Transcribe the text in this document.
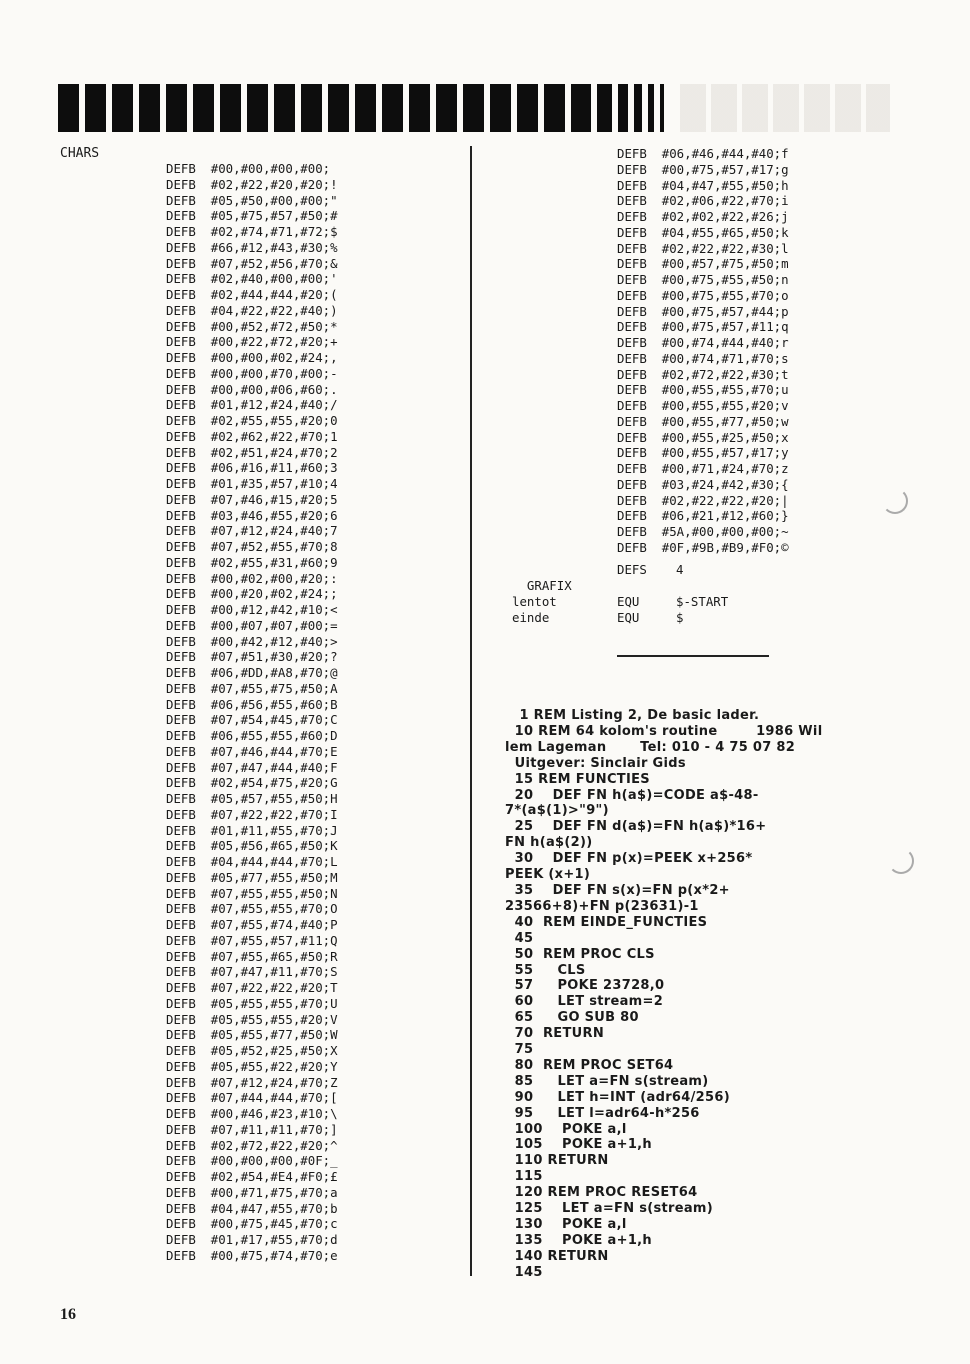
CHARS
DEFB  #00,#00,#00,#00;
DEFB  #02,#22,#20,#20;!
DEFB  #05,#50,#00,#00;"
DEFB  #05,#75,#57,#50;#
DEFB  #02,#74,#71,#72;$
DEFB  #66,#12,#43,#30;%
DEFB  #07,#52,#56,#70;&
DEFB  #02,#40,#00,#00;'
DEFB  #02,#44,#44,#20;(
DEFB  #04,#22,#22,#40;)
DEFB  #00,#52,#72,#50;*
DEFB  #00,#22,#72,#20;+
DEFB  #00,#00,#02,#24;,
DEFB  #00,#00,#70,#00;-
DEFB  #00,#00,#06,#60;.
DEFB  #01,#12,#24,#40;/
DEFB  #02,#55,#55,#20;0
DEFB  #02,#62,#22,#70;1
DEFB  #02,#51,#24,#70;2
DEFB  #06,#16,#11,#60;3
DEFB  #01,#35,#57,#10;4
DEFB  #07,#46,#15,#20;5
DEFB  #03,#46,#55,#20;6
DEFB  #07,#12,#24,#40;7
DEFB  #07,#52,#55,#70;8
DEFB  #02,#55,#31,#60;9
DEFB  #00,#02,#00,#20;:
DEFB  #00,#20,#02,#24;;
DEFB  #00,#12,#42,#10;<
DEFB  #00,#07,#07,#00;=
DEFB  #00,#42,#12,#40;>
DEFB  #07,#51,#30,#20;?
DEFB  #06,#DD,#A8,#70;@
DEFB  #07,#55,#75,#50;A
DEFB  #06,#56,#55,#60;B
DEFB  #07,#54,#45,#70;C
DEFB  #06,#55,#55,#60;D
DEFB  #07,#46,#44,#70;E
DEFB  #07,#47,#44,#40;F
DEFB  #02,#54,#75,#20;G
DEFB  #05,#57,#55,#50;H
DEFB  #07,#22,#22,#70;I
DEFB  #01,#11,#55,#70;J
DEFB  #05,#56,#65,#50;K
DEFB  #04,#44,#44,#70;L
DEFB  #05,#77,#55,#50;M
DEFB  #07,#55,#55,#50;N
DEFB  #07,#55,#55,#70;O
DEFB  #07,#55,#74,#40;P
DEFB  #07,#55,#57,#11;Q
DEFB  #07,#55,#65,#50;R
DEFB  #07,#47,#11,#70;S
DEFB  #07,#22,#22,#20;T
DEFB  #05,#55,#55,#70;U
DEFB  #05,#55,#55,#20;V
DEFB  #05,#55,#77,#50;W
DEFB  #05,#52,#25,#50;X
DEFB  #05,#55,#22,#20;Y
DEFB  #07,#12,#24,#70;Z
DEFB  #07,#44,#44,#70;[
DEFB  #00,#46,#23,#10;\
DEFB  #07,#11,#11,#70;]
DEFB  #02,#72,#22,#20;^
DEFB  #00,#00,#00,#0F;_
DEFB  #02,#54,#E4,#F0;£
DEFB  #00,#71,#75,#70;a
DEFB  #04,#47,#55,#70;b
DEFB  #00,#75,#45,#70;c
DEFB  #01,#17,#55,#70;d
DEFB  #00,#75,#74,#70;e
DEFB  #06,#46,#44,#40;f
DEFB  #00,#75,#57,#17;g
DEFB  #04,#47,#55,#50;h
DEFB  #02,#06,#22,#70;i
DEFB  #02,#02,#22,#26;j
DEFB  #04,#55,#65,#50;k
DEFB  #02,#22,#22,#30;l
DEFB  #00,#57,#75,#50;m
DEFB  #00,#75,#55,#50;n
DEFB  #00,#75,#55,#70;o
DEFB  #00,#75,#57,#44;p
DEFB  #00,#75,#57,#11;q
DEFB  #00,#74,#44,#40;r
DEFB  #00,#74,#71,#70;s
DEFB  #02,#72,#22,#30;t
DEFB  #00,#55,#55,#70;u
DEFB  #00,#55,#55,#20;v
DEFB  #00,#55,#77,#50;w
DEFB  #00,#55,#25,#50;x
DEFB  #00,#55,#57,#17;y
DEFB  #00,#71,#24,#70;z
DEFB  #03,#24,#42,#30;{
DEFB  #02,#22,#22,#20;|
DEFB  #06,#21,#12,#60;}
DEFB  #5A,#00,#00,#00;~
DEFB  #0F,#9B,#B9,#F0;©

GRAFIX

DEFS 4
lentot	EQU	$-START
einde	EQU	$
1 REM Listing 2, De basic lader.
10 REM 64 kolom's routine        1986 Wil
lem Lageman       Tel: 010 - 4 75 07 82
Uitgever: Sinclair Gids
15 REM FUNCTIES
20    DEF FN h(a$)=CODE a$-48-
7*(a$(1)>"9")
25    DEF FN d(a$)=FN h(a$)*16+
FN h(a$(2))
30    DEF FN p(x)=PEEK x+256*
PEEK (x+1)
35    DEF FN s(x)=FN p(x*2+
23566+8)+FN p(23631)-1
40  REM EINDE_FUNCTIES
45
50  REM PROC CLS
55     CLS
57     POKE 23728,0
60     LET stream=2
65     GO SUB 80
70  RETURN
75
80  REM PROC SET64
85     LET a=FN s(stream)
90     LET h=INT (adr64/256)
95     LET l=adr64-h*256
100    POKE a,l
105    POKE a+1,h
110 RETURN
115
120 REM PROC RESET64
125    LET a=FN s(stream)
130    POKE a,l
135    POKE a+1,h
140 RETURN
145
16
